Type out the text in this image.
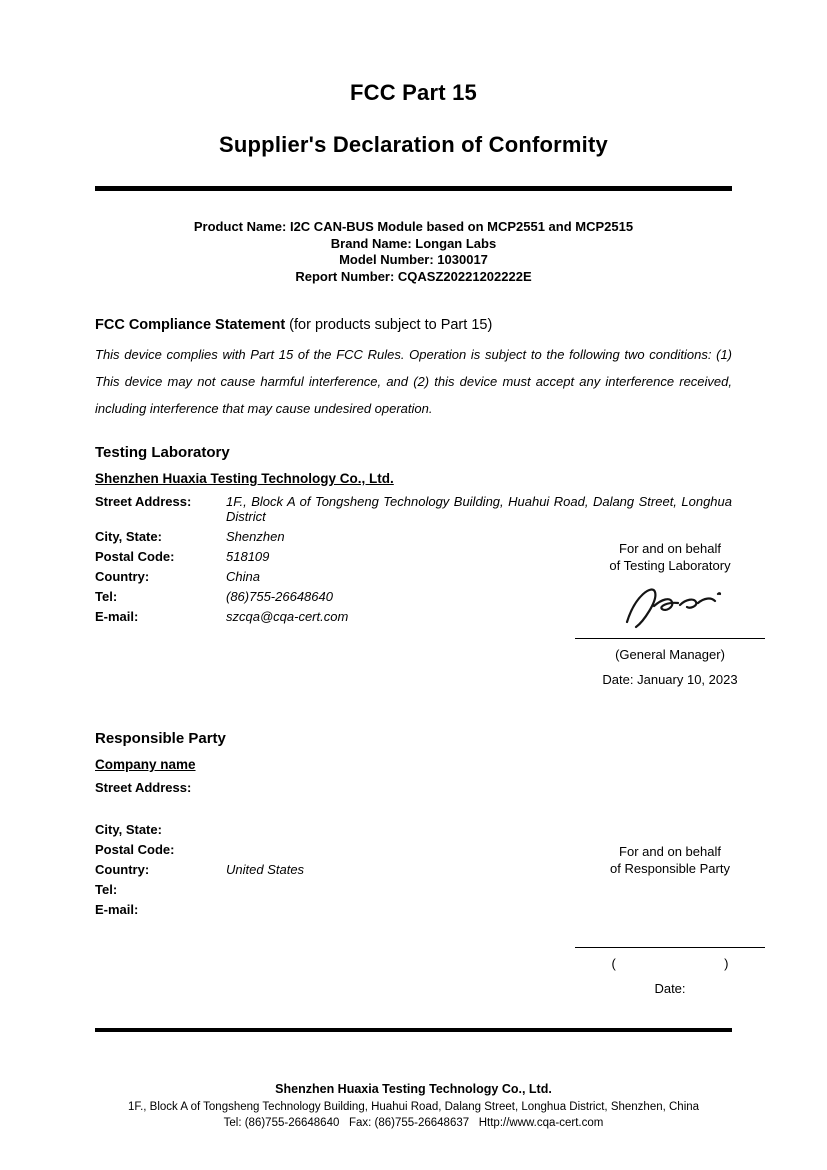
FCC Part 15
Supplier's Declaration of Conformity
Product Name: I2C CAN-BUS Module based on MCP2551 and MCP2515
Brand Name: Longan Labs
Model Number: 1030017
Report Number: CQASZ20221202222E
FCC Compliance Statement (for products subject to Part 15)

This device complies with Part 15 of the FCC Rules. Operation is subject to the following two conditions: (1) This device may not cause harmful interference, and (2) this device must accept any interference received, including interference that may cause undesired operation.

Testing Laboratory
Shenzhen Huaxia Testing Technology Co., Ltd.
Street Address:	1F., Block A of Tongsheng Technology Building, Huahui Road, Dalang Street, Longhua District
City, State:	Shenzhen
Postal Code:	518109
Country:	China
Tel:	(86)755-26648640
E-mail:	szcqa@cqa-cert.com
Responsible Party
Company name
Street Address:
City, State:
Postal Code:
Country:	United States
Tel:
E-mail:
For and on behalf
of Testing Laboratory
(General Manager)
Date: January 10, 2023
For and on behalf
of Responsible Party
(                              )
Date:
Shenzhen Huaxia Testing Technology Co., Ltd.
1F., Block A of Tongsheng Technology Building, Huahui Road, Dalang Street, Longhua District, Shenzhen, China
Tel: (86)755-26648640   Fax: (86)755-26648637   Http://www.cqa-cert.com
